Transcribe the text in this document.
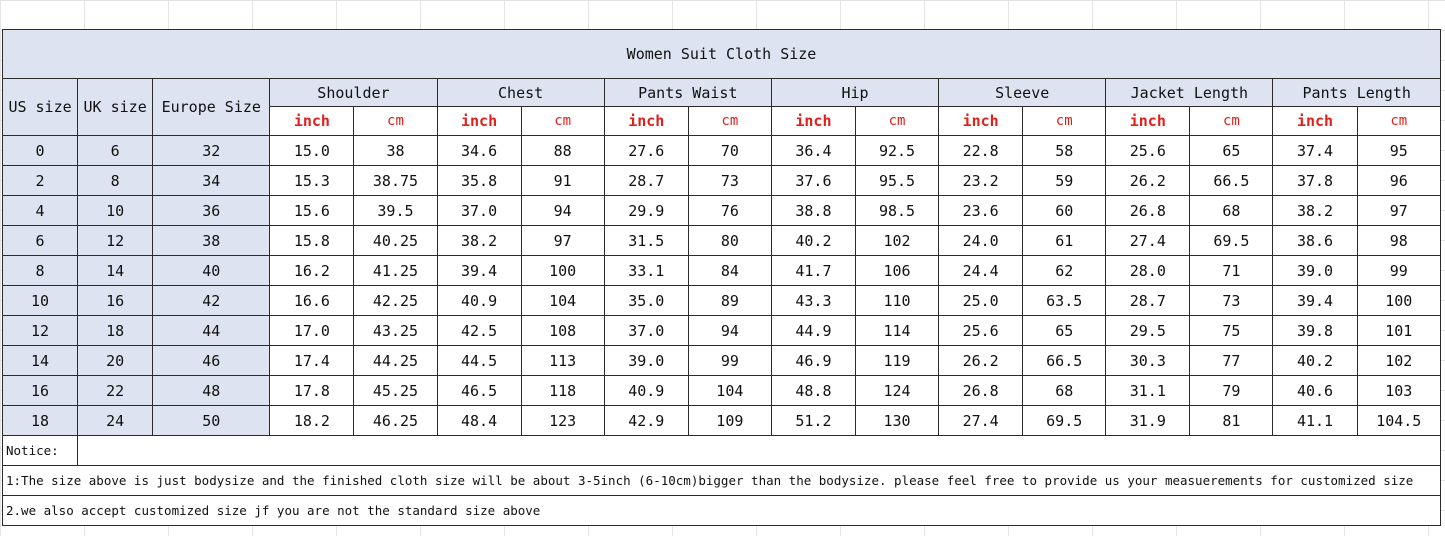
Women Suit Cloth Size																
US size	UK size	Europe Size	Shoulder		Chest		Pants Waist		Hip		Sleeve		Jacket Length		Pants Length	
			inch	cm	inch	cm	inch	cm	inch	cm	inch	cm	inch	cm	inch	cm
0	6	32	15.0	38	34.6	88	27.6	70	36.4	92.5	22.8	58	25.6	65	37.4	95
2	8	34	15.3	38.75	35.8	91	28.7	73	37.6	95.5	23.2	59	26.2	66.5	37.8	96
4	10	36	15.6	39.5	37.0	94	29.9	76	38.8	98.5	23.6	60	26.8	68	38.2	97
6	12	38	15.8	40.25	38.2	97	31.5	80	40.2	102	24.0	61	27.4	69.5	38.6	98
8	14	40	16.2	41.25	39.4	100	33.1	84	41.7	106	24.4	62	28.0	71	39.0	99
10	16	42	16.6	42.25	40.9	104	35.0	89	43.3	110	25.0	63.5	28.7	73	39.4	100
12	18	44	17.0	43.25	42.5	108	37.0	94	44.9	114	25.6	65	29.5	75	39.8	101
14	20	46	17.4	44.25	44.5	113	39.0	99	46.9	119	26.2	66.5	30.3	77	40.2	102
16	22	48	17.8	45.25	46.5	118	40.9	104	48.8	124	26.8	68	31.1	79	40.6	103
18	24	50	18.2	46.25	48.4	123	42.9	109	51.2	130	27.4	69.5	31.9	81	41.1	104.5
Notice:																
1:The size above is just bodysize and the finished cloth size will be about 3-5inch (6-10cm)bigger than the bodysize. please feel free to provide us your measuerements for customized size																
2.we also accept customized size jf you are not the standard size above																
